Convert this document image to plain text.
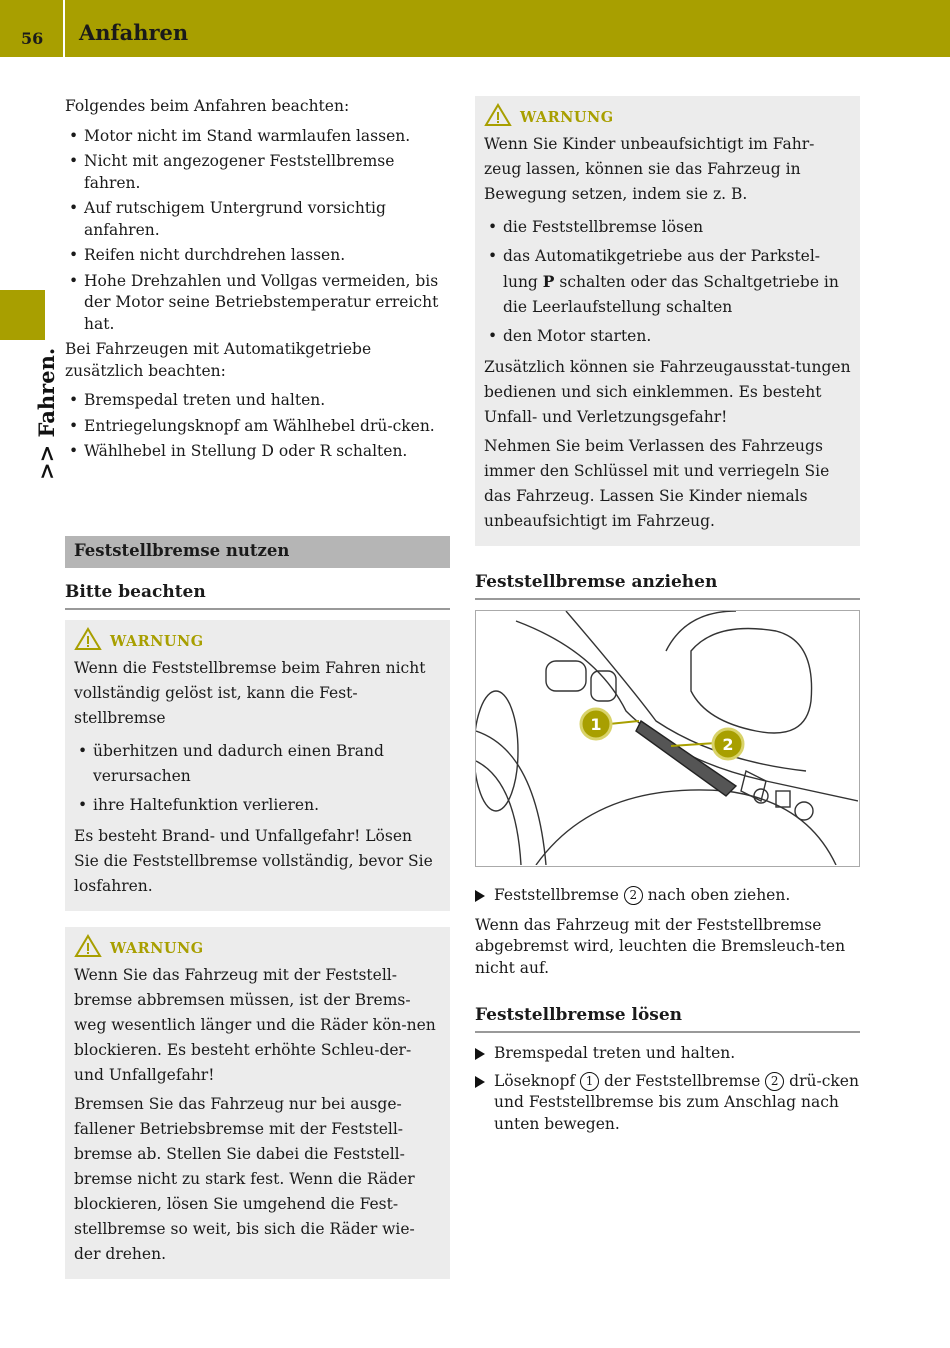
56	Anfahren
>> Fahren.

Folgendes beim Anfahren beachten:

• Motor nicht im Stand warmlaufen lassen.
• Nicht mit angezogener Feststellbremse fahren.
• Auf rutschigem Untergrund vorsichtig anfahren.
• Reifen nicht durchdrehen lassen.
• Hohe Drehzahlen und Vollgas vermeiden, bis der Motor seine Betriebstemperatur erreicht hat.

Bei Fahrzeugen mit Automatikgetriebe zusätzlich beachten:

• Bremspedal treten und halten.
• Entriegelungsknopf am Wählhebel drü-cken.
• Wählhebel in Stellung D oder R schalten.
Feststellbremse nutzen
Bitte beachten
WARNUNG

Wenn die Feststellbremse beim Fahren nicht vollständig gelöst ist, kann die Fest-stellbremse

• überhitzen und dadurch einen Brand verursachen
• ihre Haltefunktion verlieren.

Es besteht Brand- und Unfallgefahr! Lösen Sie die Feststellbremse vollständig, bevor Sie losfahren.

WARNUNG

Wenn Sie das Fahrzeug mit der Feststell-bremse abbremsen müssen, ist der Brems-weg wesentlich länger und die Räder kön-nen blockieren. Es besteht erhöhte Schleu-der- und Unfallgefahr!

Bremsen Sie das Fahrzeug nur bei ausge-fallener Betriebsbremse mit der Feststell-bremse ab. Stellen Sie dabei die Feststell-bremse nicht zu stark fest. Wenn die Räder blockieren, lösen Sie umgehend die Fest-stellbremse so weit, bis sich die Räder wie-der drehen.

WARNUNG

Wenn Sie Kinder unbeaufsichtigt im Fahr-zeug lassen, können sie das Fahrzeug in Bewegung setzen, indem sie z. B.

• die Feststellbremse lösen
• das Automatikgetriebe aus der Parkstel-lung P schalten oder das Schaltgetriebe in die Leerlaufstellung schalten
• den Motor starten.

Zusätzlich können sie Fahrzeugausstat-tungen bedienen und sich einklemmen. Es besteht Unfall- und Verletzungsgefahr!

Nehmen Sie beim Verlassen des Fahrzeugs immer den Schlüssel mit und verriegeln Sie das Fahrzeug. Lassen Sie Kinder niemals unbeaufsichtigt im Fahrzeug.

Feststellbremse anziehen
1
2
Feststellbremse 2 nach oben ziehen.

Wenn das Fahrzeug mit der Feststellbremse abgebremst wird, leuchten die Bremsleuch-ten nicht auf.

Feststellbremse lösen
Bremspedal treten und halten.
Löseknopf 1 der Feststellbremse 2 drü-cken und Feststellbremse bis zum Anschlag nach unten bewegen.
